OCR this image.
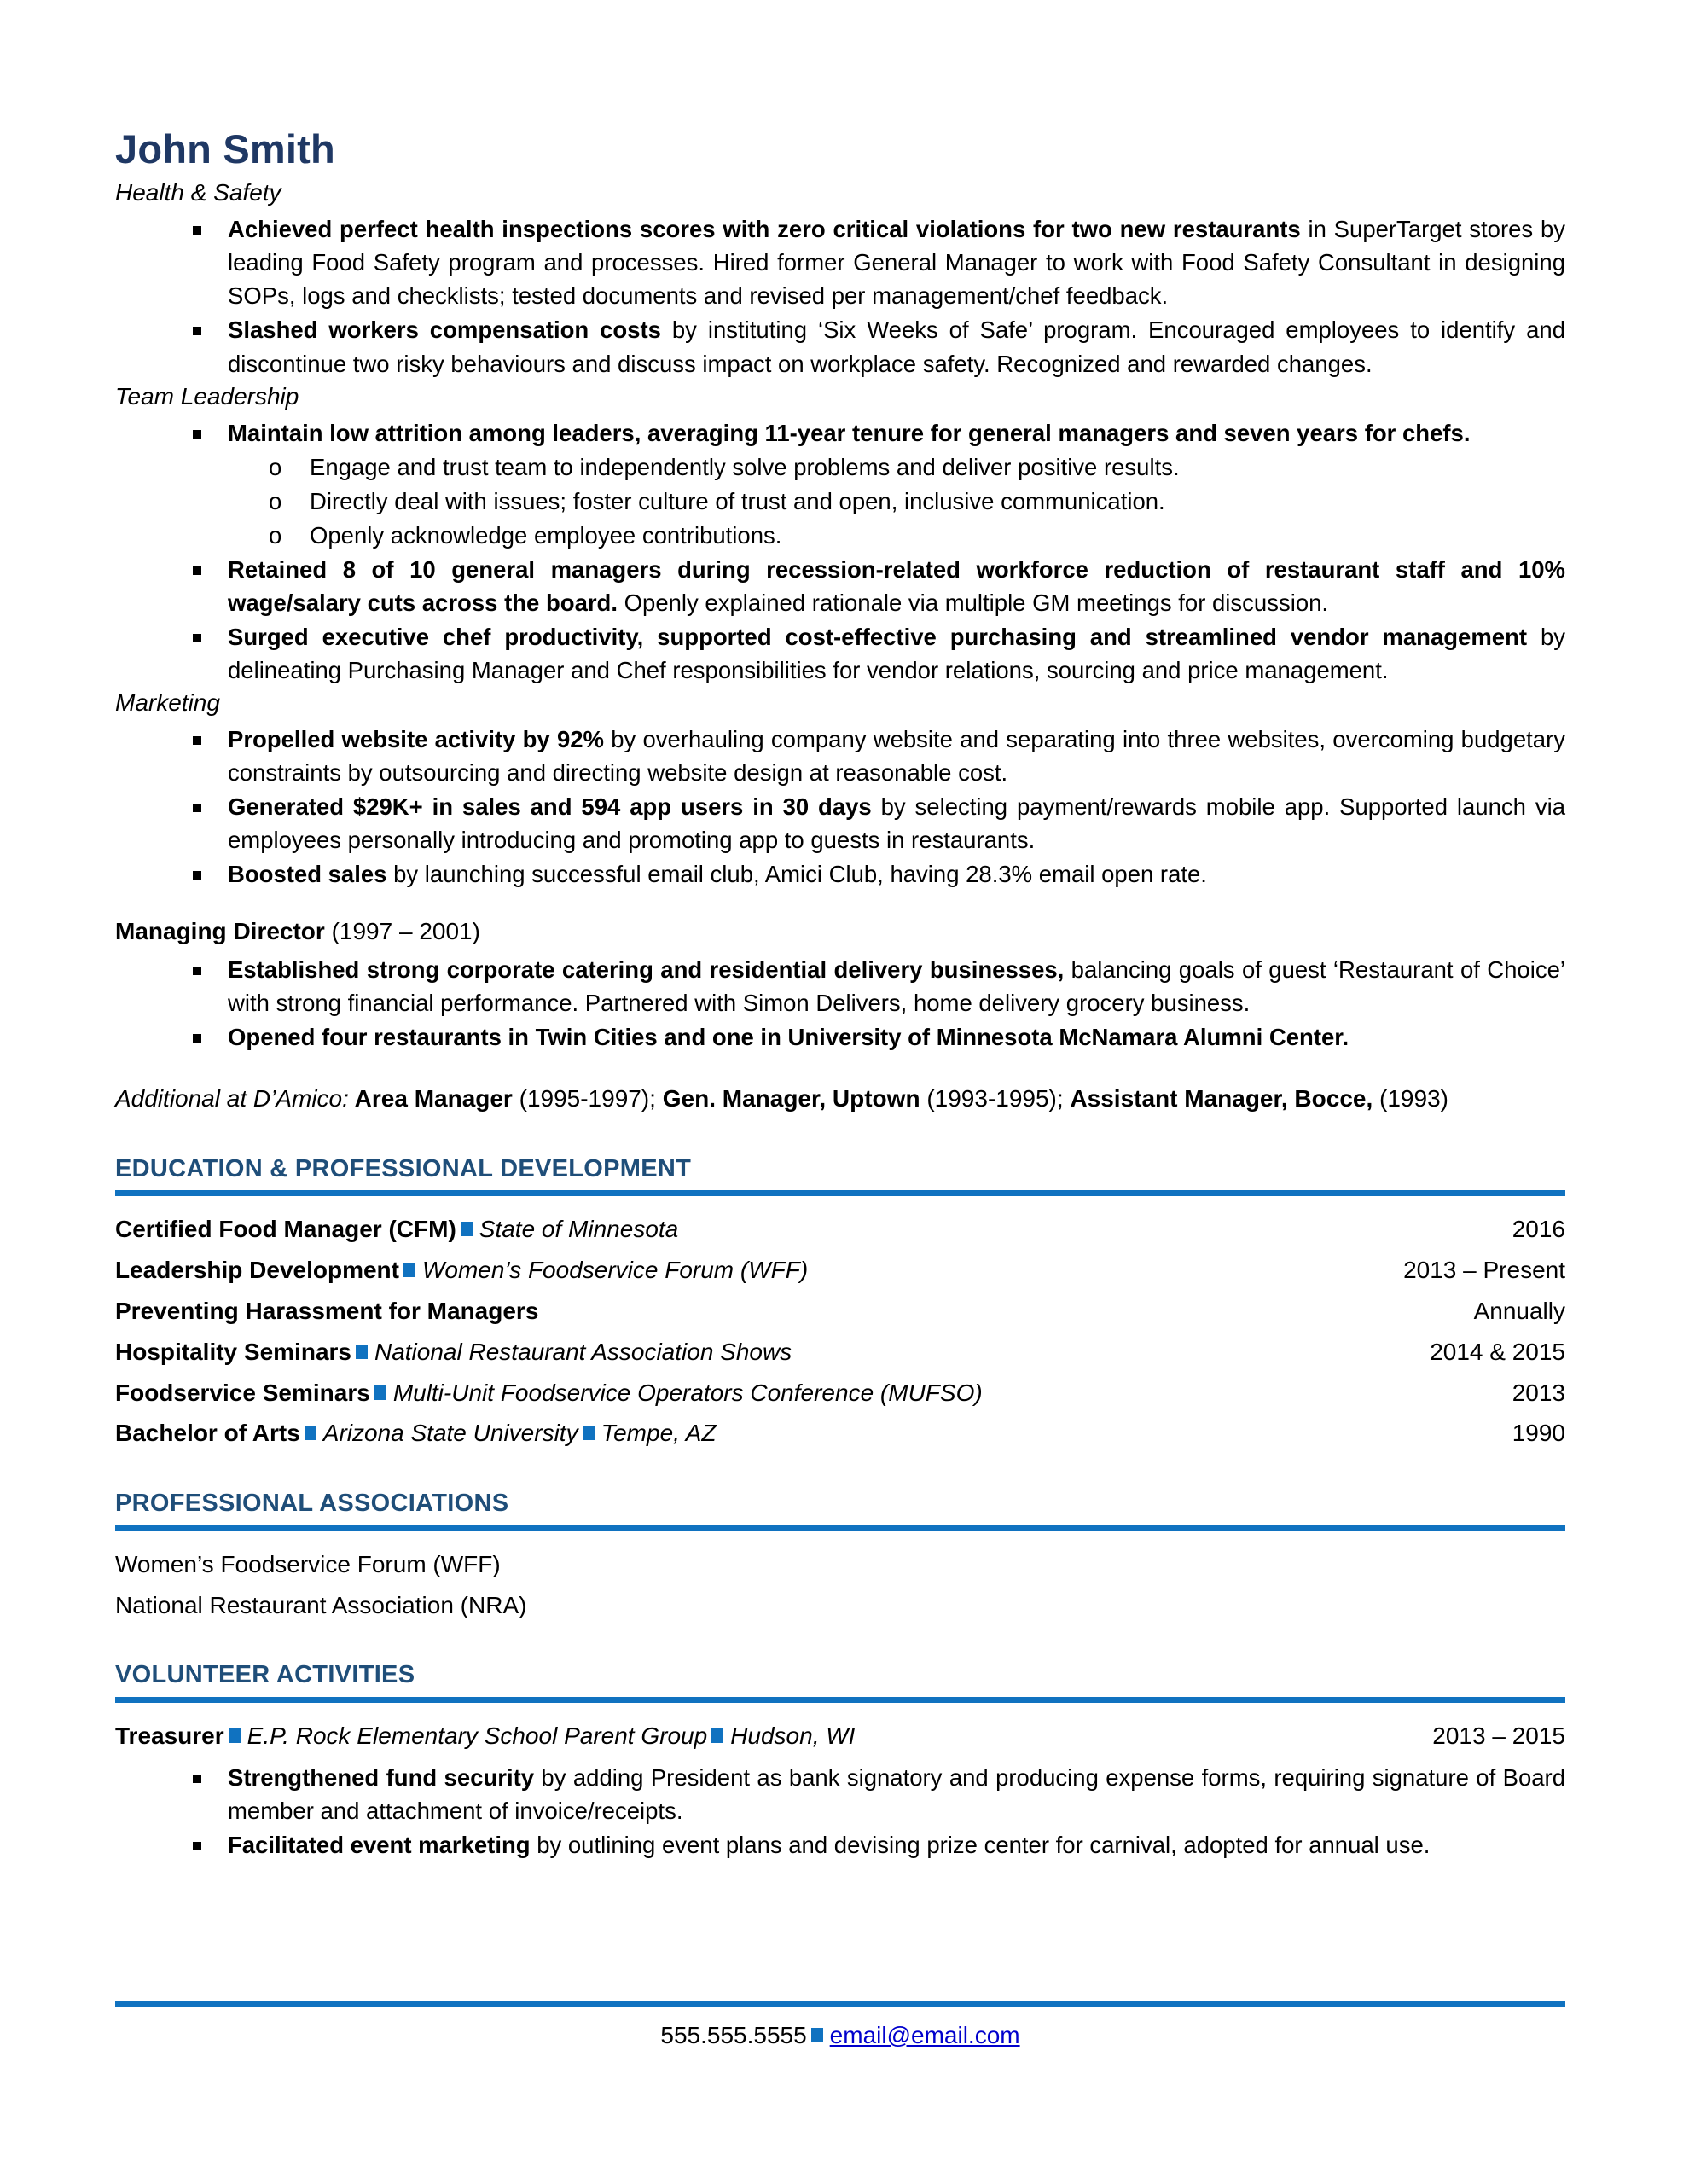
John Smith
Health & Safety
Achieved perfect health inspections scores with zero critical violations for two new restaurants in SuperTarget stores by leading Food Safety program and processes. Hired former General Manager to work with Food Safety Consultant in designing SOPs, logs and checklists; tested documents and revised per management/chef feedback.
Slashed workers compensation costs by instituting ‘Six Weeks of Safe’ program. Encouraged employees to identify and discontinue two risky behaviours and discuss impact on workplace safety. Recognized and rewarded changes.
Team Leadership
Maintain low attrition among leaders, averaging 11-year tenure for general managers and seven years for chefs.
o Engage and trust team to independently solve problems and deliver positive results.
o Directly deal with issues; foster culture of trust and open, inclusive communication.
o Openly acknowledge employee contributions.
Retained 8 of 10 general managers during recession-related workforce reduction of restaurant staff and 10% wage/salary cuts across the board. Openly explained rationale via multiple GM meetings for discussion.
Surged executive chef productivity, supported cost-effective purchasing and streamlined vendor management by delineating Purchasing Manager and Chef responsibilities for vendor relations, sourcing and price management.
Marketing
Propelled website activity by 92% by overhauling company website and separating into three websites, overcoming budgetary constraints by outsourcing and directing website design at reasonable cost.
Generated $29K+ in sales and 594 app users in 30 days by selecting payment/rewards mobile app. Supported launch via employees personally introducing and promoting app to guests in restaurants.
Boosted sales by launching successful email club, Amici Club, having 28.3% email open rate.
Managing Director (1997 – 2001)
Established strong corporate catering and residential delivery businesses, balancing goals of guest ‘Restaurant of Choice’ with strong financial performance. Partnered with Simon Delivers, home delivery grocery business.
Opened four restaurants in Twin Cities and one in University of Minnesota McNamara Alumni Center.
Additional at D’Amico: Area Manager (1995-1997); Gen. Manager, Uptown (1993-1995); Assistant Manager, Bocce, (1993)
EDUCATION & PROFESSIONAL DEVELOPMENT
Certified Food Manager (CFM) State of Minnesota	2016
Leadership Development Women’s Foodservice Forum (WFF)	2013 – Present
Preventing Harassment for Managers	Annually
Hospitality Seminars National Restaurant Association Shows	2014 & 2015
Foodservice Seminars Multi-Unit Foodservice Operators Conference (MUFSO)	2013
Bachelor of Arts Arizona State University Tempe, AZ	1990
PROFESSIONAL ASSOCIATIONS
Women’s Foodservice Forum (WFF)
National Restaurant Association (NRA)
VOLUNTEER ACTIVITIES
Treasurer E.P. Rock Elementary School Parent Group Hudson, WI	2013 – 2015
Strengthened fund security by adding President as bank signatory and producing expense forms, requiring signature of Board member and attachment of invoice/receipts.
Facilitated event marketing by outlining event plans and devising prize center for carnival, adopted for annual use.
555.555.5555 email@email.com
